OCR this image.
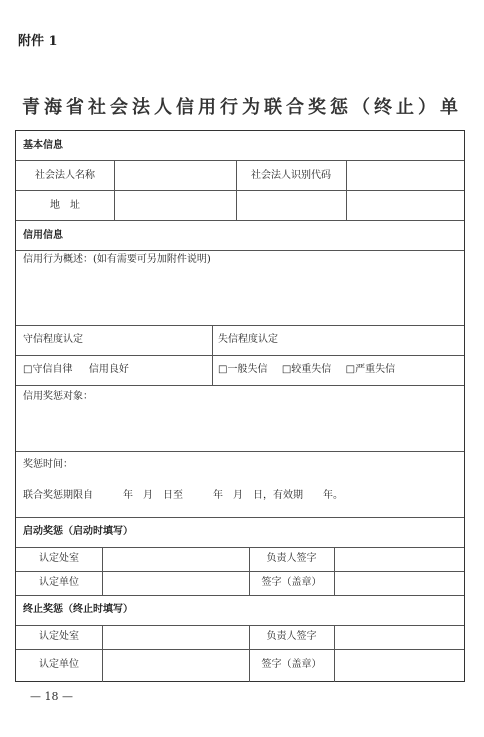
附件 1
青海省社会法人信用行为联合奖惩（终止）单
基本信息
社会法人名称	社会法人识别代码
地　址
信用信息
信用行为概述：(如有需要可另加附件说明)
守信程度认定	失信程度认定
□守信自律 信用良好	□一般失信 □较重失信 □严重失信
信用奖惩对象：
奖惩时间：
联合奖惩期限自　　　年　月　日至　　　年　月　日，有效期　　年。
启动奖惩（启动时填写）
认定处室	负责人签字
认定单位	签字（盖章）
终止奖惩（终止时填写）
认定处室	负责人签字
认定单位	签字（盖章）
— 18 —
